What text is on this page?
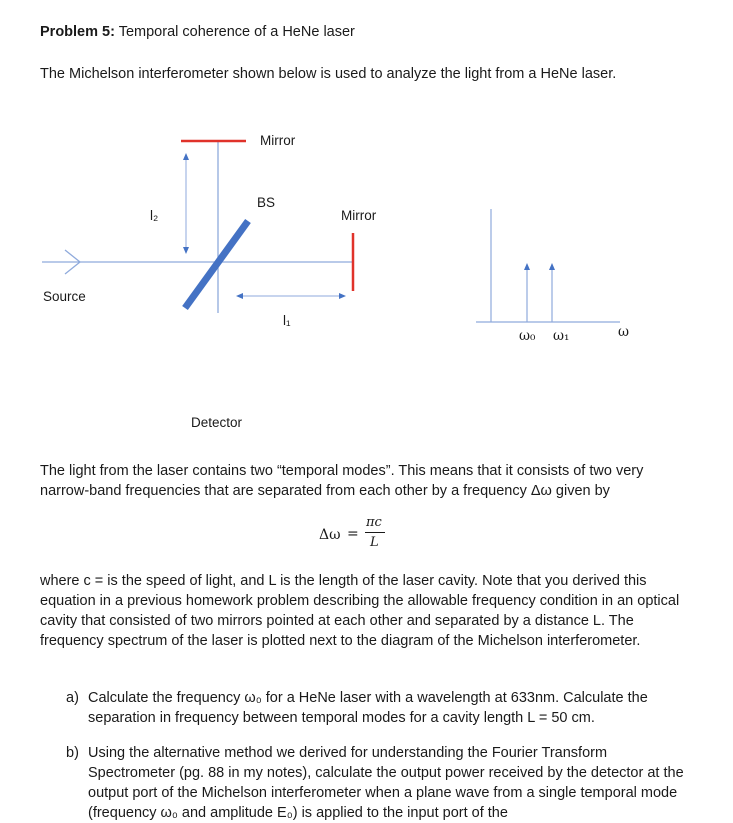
Problem 5: Temporal coherence of a HeNe laser
The Michelson interferometer shown below is used to analyze the light from a HeNe laser.
Mirror
BS
Mirror
l₂
l₁
Source
Detector
ω₀ ω₁	ω
The light from the laser contains two “temporal modes”. This means that it consists of two very narrow-band frequencies that are separated from each other by a frequency Δω given by
Δω =
πc
L
where c = is the speed of light, and L is the length of the laser cavity. Note that you derived this equation in a previous homework problem describing the allowable frequency condition in an optical cavity that consisted of two mirrors pointed at each other and separated by a distance L. The frequency spectrum of the laser is plotted next to the diagram of the Michelson interferometer.
a) Calculate the frequency ω₀ for a HeNe laser with a wavelength at 633nm. Calculate the separation in frequency between temporal modes for a cavity length L = 50 cm.
b) Using the alternative method we derived for understanding the Fourier Transform Spectrometer (pg. 88 in my notes), calculate the output power received by the detector at the output port of the Michelson interferometer when a plane wave from a single temporal mode (frequency ω₀ and amplitude E₀) is applied to the input port of the
